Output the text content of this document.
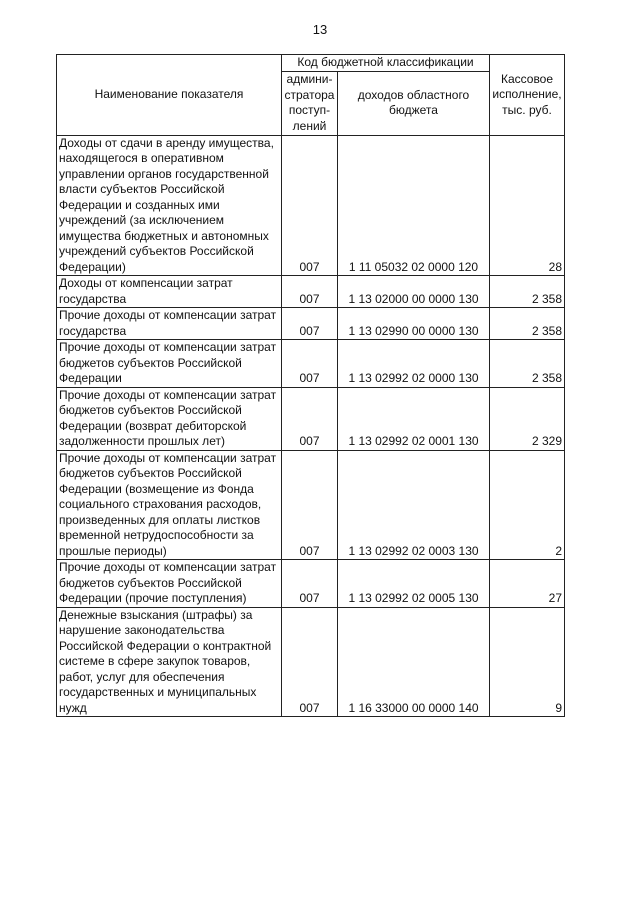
13
Наименование показателя	Код бюджетной классификации		Кассовое исполнение, тыс. руб.
	админи-стратора поступ-лений	доходов областного бюджета	
Доходы от сдачи в аренду имущества, находящегося в оперативном управлении органов государственной власти субъектов Российской Федерации и созданных ими учреждений (за исключением имущества бюджетных и автономных учреждений субъектов Российской Федерации)	007	1 11 05032 02 0000 120	28
Доходы от компенсации затрат государства	007	1 13 02000 00 0000 130	2 358
Прочие доходы от компенсации затрат государства	007	1 13 02990 00 0000 130	2 358
Прочие доходы от компенсации затрат бюджетов субъектов Российской Федерации	007	1 13 02992 02 0000 130	2 358
Прочие доходы от компенсации затрат бюджетов субъектов Российской Федерации (возврат дебиторской задолженности прошлых лет)	007	1 13 02992 02 0001 130	2 329
Прочие доходы от компенсации затрат бюджетов субъектов Российской Федерации (возмещение из Фонда социального страхования расходов, произведенных для оплаты листков временной нетрудоспособности за прошлые периоды)	007	1 13 02992 02 0003 130	2
Прочие доходы от компенсации затрат бюджетов субъектов Российской Федерации (прочие поступления)	007	1 13 02992 02 0005 130	27
Денежные взыскания (штрафы) за нарушение законодательства Российской Федерации о контрактной системе в сфере закупок товаров, работ, услуг для обеспечения государственных и муниципальных нужд	007	1 16 33000 00 0000 140	9
